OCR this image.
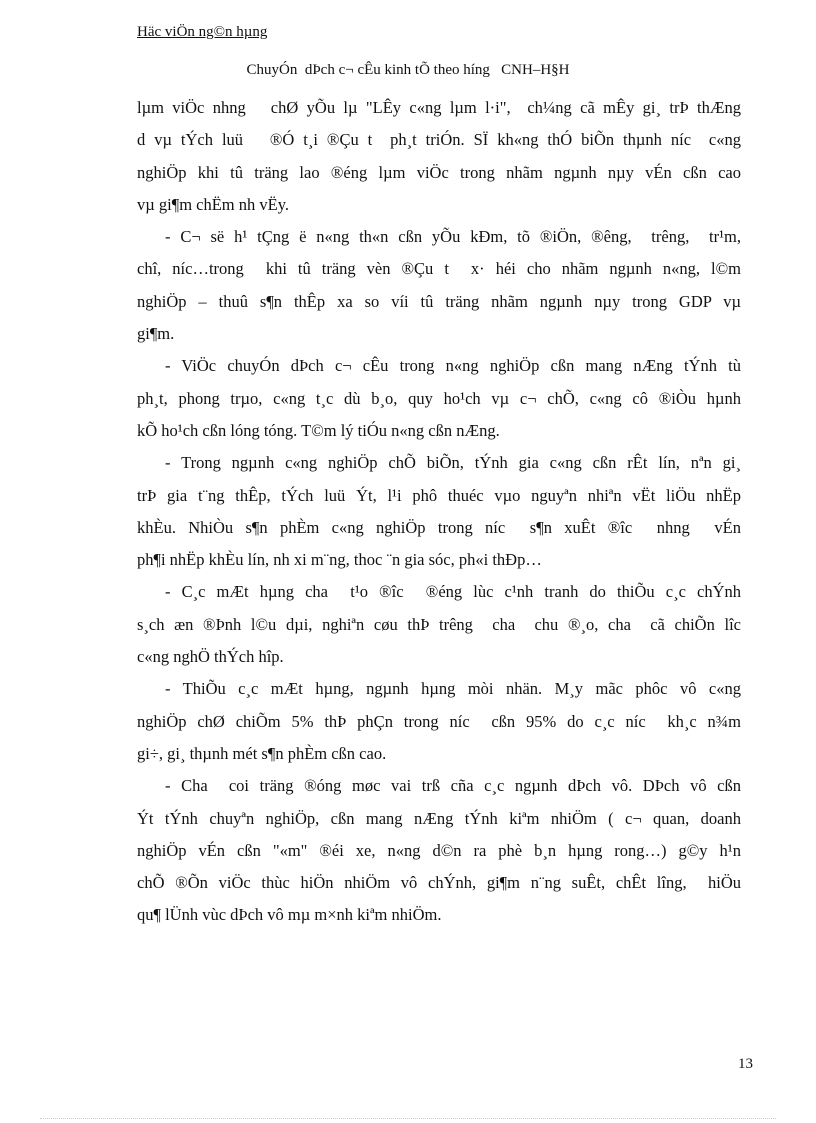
Häc viÖn ng©n hµng
ChuyÓn  dÞch c¬ cÊu kinh tÕ theo híng   CNH–H§H
lµm viÖc nhng   chØ yÕu lµ "LÊy c«ng lµm l·i",  ch¼ng cã mÊy gi¸ trÞ thÆng
d vµ tÝch luü   ®Ó t¸i ®Çu t  ph¸t triÓn. SÏ kh«ng thÓ biÕn thµnh níc  c«ng
nghiÖp khi tû träng lao ®éng lµm viÖc trong nhãm ngµnh nµy vÉn cßn cao
vµ gi¶m chËm nh vËy.
- C¬ së h¹ tÇng ë n«ng th«n cßn yÕu kÐm, tõ ®iÖn, ®êng,  trêng,  tr¹m,
chî, níc…trong  khi tû träng vèn ®Çu t  x· héi cho nhãm ngµnh n«ng, l©m
nghiÖp – thuû s¶n thÊp xa so víi tû träng nhãm ngµnh nµy trong GDP vµ
gi¶m.
- ViÖc chuyÓn dÞch c¬ cÊu trong n«ng nghiÖp cßn mang nÆng tÝnh tù
ph¸t, phong trµo, c«ng t¸c dù b¸o, quy ho¹ch vµ c¬ chÕ, c«ng cô ®iÒu hµnh
kÕ ho¹ch cßn lóng tóng. T©m lý tiÓu n«ng cßn nÆng.
- Trong ngµnh c«ng nghiÖp chÕ biÕn, tÝnh gia c«ng cßn rÊt lín, nªn gi¸
trÞ gia t¨ng thÊp, tÝch luü Ýt, l¹i phô thuéc vµo nguyªn nhiªn vËt liÖu nhËp
khÈu. NhiÒu s¶n phÈm c«ng nghiÖp trong níc  s¶n xuÊt ®îc  nhng  vÉn
ph¶i nhËp khÈu lín, nh xi m¨ng, thoc ¨n gia sóc, ph«i thÐp…
- C¸c mÆt hµng cha  t¹o ®îc  ®éng lùc c¹nh tranh do thiÕu c¸c chÝnh
s¸ch æn ®Þnh l©u dµi, nghiªn cøu thÞ trêng  cha  chu ®¸o, cha  cã chiÕn lîc
c«ng nghÖ thÝch hîp.
- ThiÕu c¸c mÆt hµng, ngµnh hµng mòi nhän. M¸y mãc phôc vô c«ng
nghiÖp chØ chiÕm 5% thÞ phÇn trong níc  cßn 95% do c¸c níc  kh¸c n¾m
gi÷, gi¸ thµnh mét s¶n phÈm cßn cao.
- Cha  coi träng ®óng møc vai trß cña c¸c ngµnh dÞch vô. DÞch vô cßn
Ýt tÝnh chuyªn nghiÖp, cßn mang nÆng tÝnh kiªm nhiÖm ( c¬ quan, doanh
nghiÖp vÉn cßn "«m" ®éi xe, n«ng d©n ra phè b¸n hµng rong…) g©y h¹n
chÕ ®Õn viÖc thùc hiÖn nhiÖm vô chÝnh, gi¶m n¨ng suÊt, chÊt lîng,  hiÖu
qu¶ lÜnh vùc dÞch vô mµ m×nh kiªm nhiÖm.
13
